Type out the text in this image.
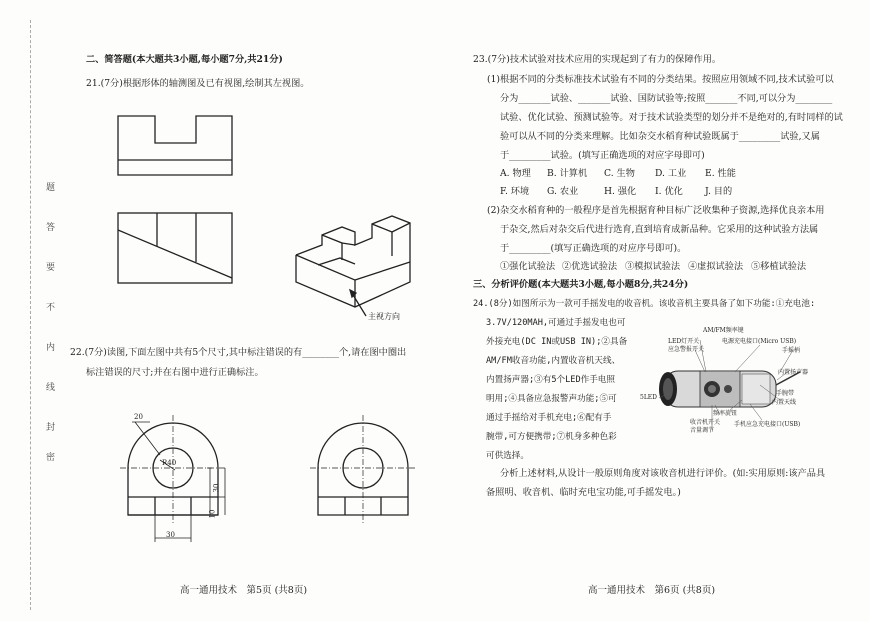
题
答
要
不
内
线
封
密
二、简答题(本大题共3小题,每小题7分,共21分)
21.(7分)根据形体的轴测图及已有视图,绘制其左视图。
主视方向
22.(7分)读图,下面左图中共有5个尺寸,其中标注错误的有________个,请在图中圈出
标注错误的尺寸;并在右图中进行正确标注。
20
R40
30
10
30
高一通用技术　第5页 (共8页)
23.(7分)技术试验对技术应用的实现起到了有力的保障作用。
(1)根据不同的分类标准技术试验有不同的分类结果。按照应用领域不同,技术试验可以
分为_______试验、_______试验、国防试验等;按照_______不同,可以分为________
试验、优化试验、预测试验等。对于技术试验类型的划分并不是绝对的,有时同样的试
验可以从不同的分类来理解。比如杂交水稻育种试验既属于_________试验,又属
于_________试验。(填写正确选项的对应字母即可)
A. 物理 B. 计算机 C. 生物 D. 工业 E. 性能
F. 环境 G. 农业	H. 强化 I. 优化 J. 目的
(2)杂交水稻育种的一般程序是首先根据育种目标广泛收集种子资源,选择优良亲本用
于杂交,然后对杂交后代进行选育,直到培育成新品种。它采用的这种试验方法属
于_________(填写正确选项的对应序号即可)。
①强化试验法 ②优选试验法 ③模拟试验法 ④虚拟试验法 ⑤移植试验法
三、分析评价题(本大题共3小题,每小题8分,共24分)
24.(8分)如图所示为一款可手摇发电的收音机。该收音机主要具备了如下功能:①充电池:
3.7V/120MAH,可通过手摇发电也可
外接充电(DC IN或USB IN);②具备
AM/FM收音功能,内置收音机天线、
内置扬声器;③有5个LED作手电照
明用;④具备应急报警声功能;⑤可
通过手摇给对手机充电;⑥配有手
腕带,可方便携带;⑦机身多种色彩
可供选择。
AM/FM频率键
LED灯开关
应急警报开关
电源充电接口(Micro USB)
手摇柄
内置扬声器
5LED
手腕带
内置天线
频率旋钮
收音机开关
音量调节
手机应急充电接口(USB)
分析上述材料,从设计一般原则角度对该收音机进行评价。(如:实用原则:该产品具
备照明、收音机、临时充电宝功能,可手摇发电。)
高一通用技术　第6页 (共8页)
